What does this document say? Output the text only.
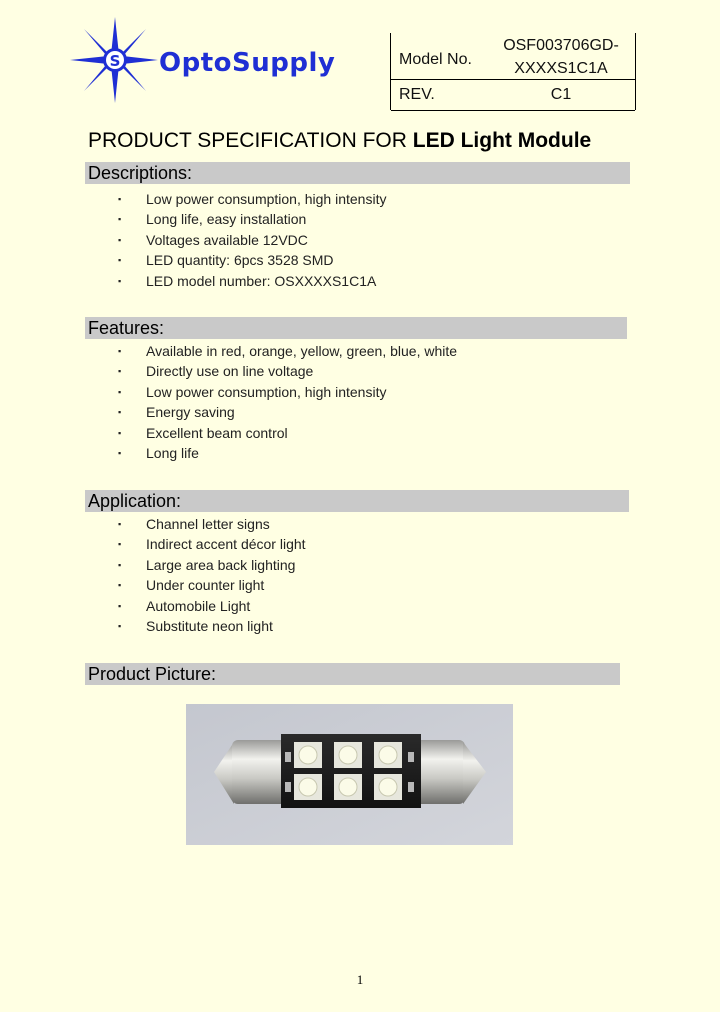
S OptoSupply	Model No.
OSF003706GD-
XXXXS1C1A
REV.	C1
PRODUCT SPECIFICATION FOR LED Light Module
Descriptions:
▪ Low power consumption, high intensity
▪ Long life, easy installation
▪ Voltages available 12VDC
▪ LED quantity: 6pcs 3528 SMD
▪ LED model number: OSXXXXS1C1A
Features:
▪ Available in red, orange, yellow, green, blue, white
▪ Directly use on line voltage
▪ Low power consumption, high intensity
▪ Energy saving
▪ Excellent beam control
▪ Long life
Application:
▪ Channel letter signs
▪ Indirect accent décor light
▪ Large area back lighting
▪ Under counter light
▪ Automobile Light
▪ Substitute neon light
Product Picture:
1
